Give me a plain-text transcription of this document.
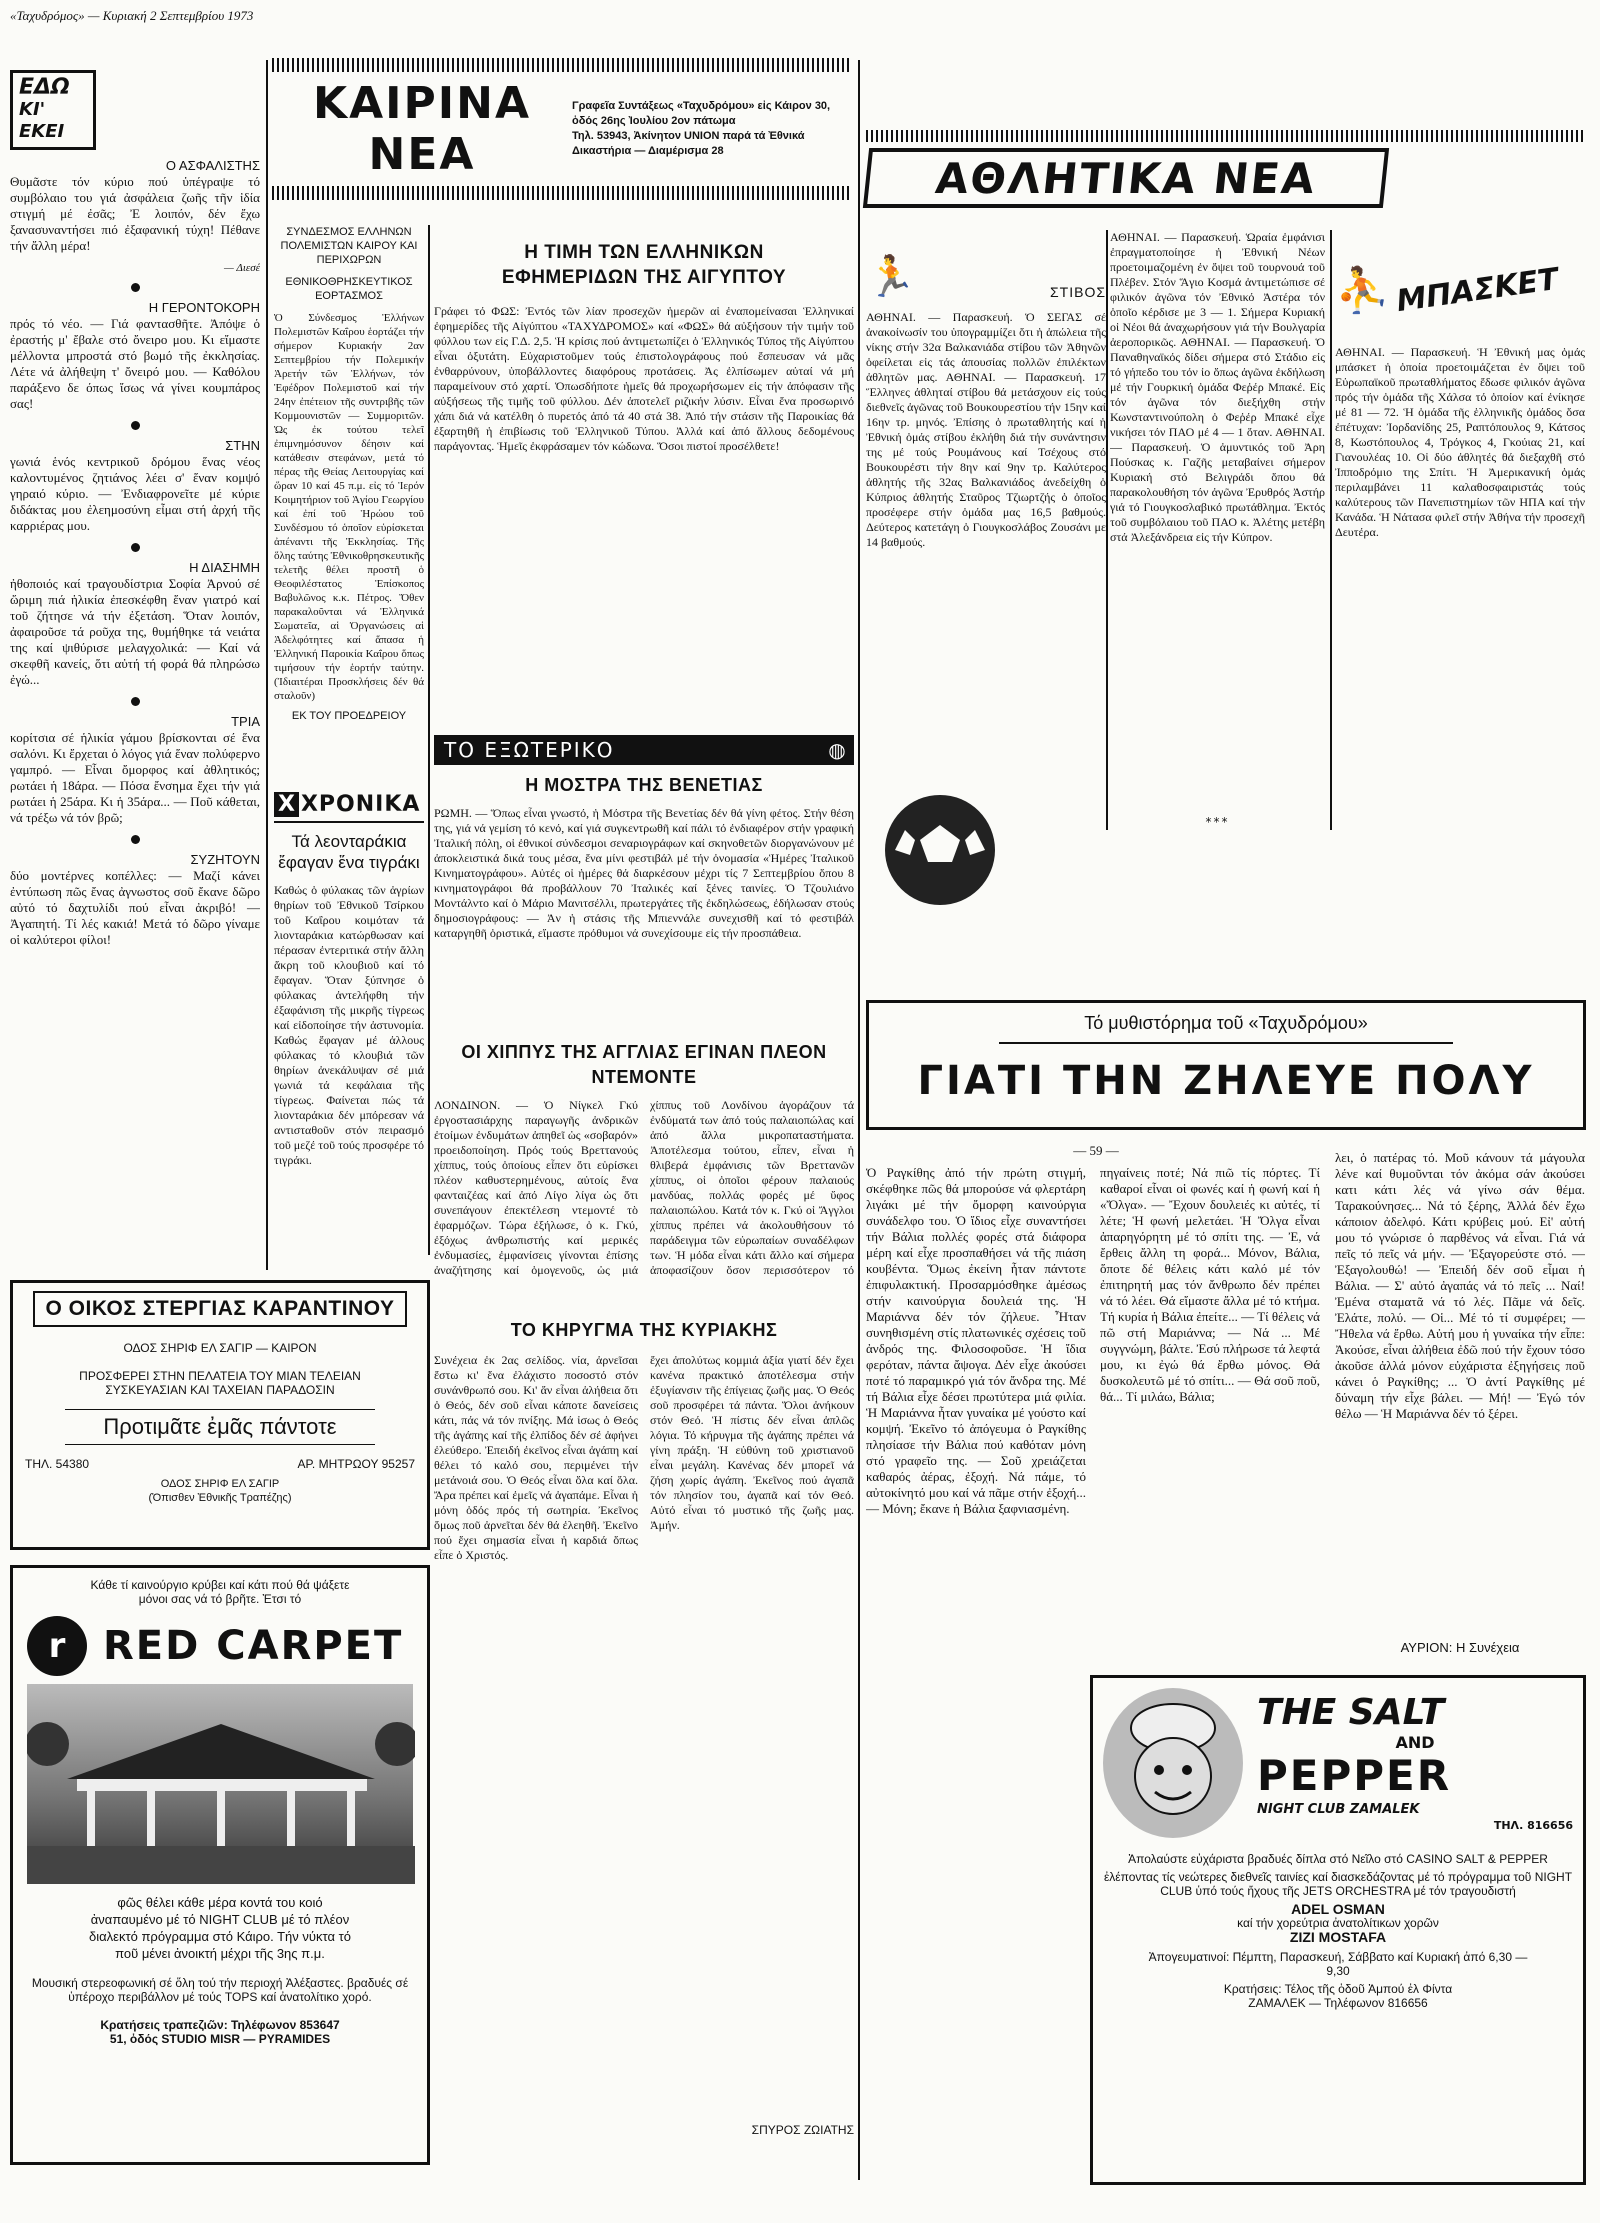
«Ταχυδρόμος» — Κυριακή 2 Σεπτεμβρίου 1973
ΕΔΩ
ΚΙ' ΕΚΕΙ
Ο ΑΣΦΑΛΙΣΤΗΣ

Θυμᾶστε τόν κύριο πού ὑπέγραψε τό συμβόλαιο του γιά ἀσφάλεια ζωῆς τῆν ἰδία στιγμή μέ ἐσᾶς; Ἐ λοιπόν, δέν ἔχω ξανασυναντήσει πιό ἐξαφανική τύχη! Πέθανε τήν ἄλλη μέρα!

— Διεσέ
Η ΓΕΡΟΝΤΟΚΟΡΗ

πρός τό νέο. — Γιά φαντασθῆτε. Ἀπόψε ὁ ἐραστής μ' ἔβαλε στό ὄνειρο μου. Κι εἴμαστε μέλλοντα μπροστά στό βωμό τῆς ἐκκλησίας. Λέτε νά ἀλήθεψη τ' ὄνειρό μου. — Καθόλου παράξενο δε όπως ἴσως νά γίνει κουμπάρος σας!

ΣΤΗΝ

γωνιά ἑνός κεντρικοῦ δρόμου ἕνας νέος καλοντυμένος ζητιάνος λέει σ' ἕναν κομψό γηραιό κύριο. — Ἐνδιαφρονεῖτε μέ κύριε διδάκτας μου ἐλεημοσύνη εἶμαι στή ἀρχή τῆς καρριέρας μου.

Η ΔΙΑΣΗΜΗ

ἠθοποιός καί τραγουδίστρια Σοφία Ἀρνού σέ ὥριμη πιά ἡλικία ἐπεσκέφθη ἕναν γιατρό καί τοῦ ζήτησε νά τήν ἐξετάση. Ὅταν λοιπόν, ἀφαιροῦσε τά ροῦχα της, θυμήθηκε τά νειάτα της καί ψιθύρισε μελαγχολικά: — Καί νά σκεφθῆ κανείς, ὅτι αὐτή τή φορά θά πληρώσω ἐγώ...

ΤΡΙΑ

κορίτσια σέ ἡλικία γάμου βρίσκονται σέ ἕνα σαλόνι. Κι ἔρχεται ὁ λόγος γιά ἕναν πολύφερνο γαμπρό. — Εἶναι ὄμορφος καί ἀθλητικός; ρωτάει ἡ 18άρα. — Πόσα ἔνσημα ἔχει τήν γιά ρωτάει ἡ 25άρα. Κι ἡ 35άρα... — Ποῦ κάθεται, νά τρέξω νά τόν βρῶ;

ΣΥΖΗΤΟΥΝ

δύο μοντέρνες κοπέλλες: — Μαζί κάνει ἐντύπωση πῶς ἔνας ἀγνωστος σοῦ ἔκανε δῶρο αὐτό τό δαχτυλίδι πού εἶναι ἀκριβό! — Ἀγαπητή. Τί λές κακιά! Μετά τό δῶρο γίναμε οἱ καλύτεροι φίλοι!

Ο ΟΙΚΟΣ ΣΤΕΡΓΙΑΣ ΚΑΡΑΝΤΙΝΟΥ
ΟΔΟΣ ΣΗΡΙΦ ΕΛ ΣΑΓΙΡ — ΚΑΙΡΟΝ
ΠΡΟΣΦΕΡΕΙ ΣΤΗΝ ΠΕΛΑΤΕΙΑ ΤΟΥ ΜΙΑΝ ΤΕΛΕΙΑΝ ΣΥΣΚΕΥΑΣΙΑΝ ΚΑΙ ΤΑΧΕΙΑΝ ΠΑΡΑΔΟΣΙΝ
Προτιμᾶτε ἐμᾶς πάντοτε
ΤΗΛ. 54380	ΑΡ. ΜΗΤΡΩΟΥ 95257
ΟΔΟΣ ΣΗΡΙΦ ΕΛ ΣΑΓΙΡ
(Ὀπισθεν Ἐθνικῆς Τραπέζης)
Κάθε τί καινούργιο κρύβει καί κάτι πού θά ψάξετε μόνοι σας νά τό βρῆτε. Ἐτσι τό
r RED CARPET
φῶς θέλει κάθε μέρα κοντά του κοιό ἀναπαυμένο μέ τό NIGHT CLUB μέ τό πλέον διαλεκτό πρόγραμμα στό Κάιρο. Τήν νύκτα τό ποῦ μένει ἀνοικτή μέχρι τῆς 3ης π.μ.
Μουσική στερεοφωνική σέ ὅλη τού τήν περιοχή Ἀλέξαστες. βραδυές σέ ὑπέροχο περιβάλλον μέ τούς TOPS καί ἀνατολίτικο χορό.
Κρατήσεις τραπεζιῶν: Τηλέφωνον 853647
51, ὁδός STUDIO MISR — PYRAMIDES
ΚΑΙΡΙΝΑ ΝΕΑ
Γραφεῖα Συντάξεως «Ταχυδρόμου» εἰς Κάιρον 30, ὁδός 26ης Ἰουλίου 2ον πάτωμα
Τηλ. 53943, Ἀκίνητον UNION παρά τά Ἐθνικά Δικαστήρια — Διαμέρισμα 28
ΣΥΝΔΕΣΜΟΣ ΕΛΛΗΝΩΝ ΠΟΛΕΜΙΣΤΩΝ ΚΑΙΡΟΥ ΚΑΙ ΠΕΡΙΧΩΡΩΝ
ΕΘΝΙΚΟΘΡΗΣΚΕΥΤΙΚΟΣ ΕΟΡΤΑΣΜΟΣ

Ὁ Σύνδεσμος Ἑλλήνων Πολεμιστῶν Καΐρου ἑορτάζει τήν σήμερον Κυριακήν 2αν Σεπτεμβρίου τήν Πολεμικήν Ἀρετήν τῶν Ἑλλήνων, τόν Ἐφέδρον Πολεμιστοῦ καί τήν 24ην ἐπέτειον τῆς συντριβῆς τῶν Κομμουνιστῶν — Συμμοριτῶν. Ὡς ἐκ τούτου τελεῖ ἐπιμνημόσυνον δέησιν καί κατάθεσιν στεφάνων, μετά τό πέρας τῆς Θείας Λειτουργίας καί ὥραν 10 καί 45 π.μ. εἰς τό Ἱερόν Κοιμητήριον τοῦ Ἁγίου Γεωργίου καί ἐπί τοῦ Ἡρώου τοῦ Συνδέσμου τό ὁποῖον εὑρίσκεται ἀπέναντι τῆς Ἐκκλησίας. Τῆς ὅλης ταύτης Ἐθνικοθρησκευτικῆς τελετῆς θέλει προστῆ ὁ Θεοφιλέστατος Ἐπίσκοπος Βαβυλῶνος κ.κ. Πέτρος. Ὅθεν παρακαλοῦνται νά Ἑλληνικά Σωματεῖα, αἱ Ὀργανώσεις αἱ Ἀδελφότητες καί ἅπασα ἡ Ἑλληνική Παροικία Καΐρου ὅπως τιμήσουν τήν ἑορτήν ταύτην. (Ἰδιαιτέραι Προσκλήσεις δέν θά σταλοῦν)

ΕΚ ΤΟΥ ΠΡΟΕΔΡΕΙΟΥ
Η ΤΙΜΗ ΤΩΝ ΕΛΛΗΝΙΚΩΝ ΕΦΗΜΕΡΙΔΩΝ ΤΗΣ ΑΙΓΥΠΤΟΥ

Γράφει τό ΦΩΣ: Ἐντός τῶν λίαν προσεχῶν ἡμερῶν αἱ ἐναπομείνασαι Ἑλληνικαί ἐφημερίδες τῆς Αἰγύπτου «ΤΑΧΥΔΡΟΜΟΣ» καί «ΦΩΣ» θά αὐξήσουν τήν τιμήν τοῦ φύλλου των εἰς Γ.Δ. 2,5. Ἡ κρίσις πού ἀντιμετωπίζει ὁ Ἑλληνικός Τύπος τῆς Αἰγύπτου εἶναι ὀξυτάτη. Εὐχαριστοῦμεν τούς ἐπιστολογράφους πού ἔσπευσαν νά μᾶς ἐνθαρρύνουν, ὑποβάλλοντες διαφόρους προτάσεις. Ἀς ἐλπίσωμεν αὐταί νά μή παραμείνουν στό χαρτί. Ὁπωσδήποτε ἡμεῖς θά προχωρήσωμεν εἰς τήν ἀπόφασιν τῆς αὐξήσεως τῆς τιμῆς τοῦ φύλλου. Δέν ἀποτελεῖ ριζικήν λύσιν. Εἶναι ἕνα προσωρινό χάπι διά νά κατέλθη ὁ πυρετός ἀπό τά 40 στά 38. Ἀπό τήν στάσιν τῆς Παροικίας θά ἐξαρτηθῆ ἡ ἐπιβίωσις τοῦ Ἑλληνικοῦ Τύπου. Ἀλλά καί ἀπό ἄλλους δεδομένους παράγοντας. Ἡμεῖς ἐκφράσαμεν τόν κώδωνα. Ὅσοι πιστοί προσέλθετε!

ΤΟ ΕΞΩΤΕΡΙΚΟ	◍
Η ΜΟΣΤΡΑ ΤΗΣ ΒΕΝΕΤΙΑΣ

ΡΩΜΗ. — Ὅπως εἶναι γνωστό, ἡ Μόστρα τῆς Βενετίας δέν θά γίνη φέτος. Στήν θέση της, γιά νά γεμίση τό κενό, καί γιά συγκεντρωθῆ καί πάλι τό ἐνδιαφέρον στήν γραφική Ἰταλική πόλη, οἱ ἐθνικοί σύνδεσμοι σεναριογράφων καί σκηνοθετῶν διοργανώνουν μέ ἀποκλειστικά δικά τους μέσα, ἕνα μίνι φεστιβάλ μέ τήν ὀνομασία «Ἡμέρες Ἰταλικοῦ Κινηματογράφου». Αὐτές οἱ ἡμέρες θά διαρκέσουν μέχρι τίς 7 Σεπτεμβρίου ὅπου 8 κινηματογράφοι θά προβάλλουν 70 Ἰταλικές καί ξένες ταινίες. Ὁ Τζουλιάνο Μοντάλντο καί ὁ Μάριο Μανιτσέλλι, πρωτεργάτες τῆς ἐκδηλώσεως, ἐδήλωσαν στούς δημοσιογράφους: — Ἀν ἡ στάσις τῆς Μπιεννάλε συνεχισθῆ καί τό φεστιβάλ καταργηθῆ ὁριστικά, εἴμαστε πρόθυμοι νά συνεχίσουμε εἰς τήν προσπάθεια.

Χ ΧΡΟΝΙΚΑ
Τά λεονταράκια ἔφαγαν ἕνα τιγράκι

Καθώς ὁ φύλακας τῶν ἀγρίων θηρίων τοῦ Ἐθνικοῦ Τσίρκου τοῦ Καΐρου κοιμόταν τά λιονταράκια κατώρθωσαν καί πέρασαν ἐντεριτικά στήν ἄλλη ἄκρη τοῦ κλουβιοῦ καί τό ἔφαγαν. Ὅταν ξύπνησε ὁ φύλακας ἀντελήφθη τήν ἐξαφάνιση τῆς μικρῆς τίγρεως καί εἰδοποίησε τήν ἀστυνομία. Καθώς ἔφαγαν μέ ἀλλους φύλακας τό κλουβιά τῶν θηρίων ἀνεκάλυψαν σέ μιά γωνιά τά κεφάλαια τῆς τίγρεως. Φαίνεται πώς τά λιονταράκια δέν μπόρεσαν νά αντισταθοῦν στόν πειρασμό τοῦ μεζέ τοῦ τούς προσφέρε τό τιγράκι.

ΟΙ ΧΙΠΠΥΣ ΤΗΣ ΑΓΓΛΙΑΣ ΕΓΙΝΑΝ ΠΛΕΟΝ ΝΤΕΜΟΝΤΕ

ΛΟΝΔΙΝΟΝ. — Ὁ Νίγκελ Γκύ ἐργοστασιάρχης παραγωγῆς ἀνδρικῶν ἐτοίμων ἐνδυμάτων ἀπηθεῖ ὡς «σοβαρόν» προειδοποίηση. Πρός τούς Βρεττανούς χίππυς, τούς ὁποίους εἶπεν ὅτι εὑρίσκει πλέον καθυστερημένους, αὐτοίς ἔνα φανταιζέας καί ἀπό Λίγο λίγα ὡς ὅτι συνεπάγουν ἐπεκτέλεση ντεμοντέ τὸ ἐφαρμόζων. Τώρα ἐξήλωσε, ὁ κ. Γκύ, ἐξόχως ἀνθρωπιστής καί μερικές ἐνδυμασίες, ἐμφανίσεις γίνονται ἐπίσης ἀναζήτησης καί ὁμογενοῦς, ὡς μιά

χίππυς τοῦ Λονδίνου ἀγοράζουν τά ἐνδύματά των ἀπό τούς παλαιοπώλας καί ἀπό ἄλλα μικροπαταστήματα. Ἀποτέλεσμα τούτου, εἶπεν, εἶναι ἡ θλιβερά ἐμφάνισις τῶν Βρεττανῶν χίππυς, οἱ ὁποῖοι φέρουν παλαιούς μανδύας, πολλάς φορές μέ ὕφος παλαιοπώλου. Κατά τόν κ. Γκύ οἱ Ἄγγλοι χίππυς πρέπει νά ἀκολουθήσουν τό παράδειγμα τῶν εὐρωπαίων συναδέλφων των. Ἡ μόδα εἶναι κάτι ἄλλο καί σήμερα ἀποφασίζουν ὅσον περισσότερον τό

ΤΟ ΚΗΡΥΓΜΑ ΤΗΣ ΚΥΡΙΑΚΗΣ

Συνέχεια ἐκ 2ας σελίδος. νία, ἀρνεῖσαι ἔστω κι' ἕνα ἐλάχιστο ποσοστό στόν συνάνθρωπό σου. Κι' ἄν εἶναι ἀλήθεια ὅτι ὁ Θεός, δέν σοῦ εἶναι κάποτε δανείσεις κάτι, πάς νά τόν πνίξης. Μά ἰσως ὁ Θεός τῆς ἀγάπης καί τῆς ἐλπίδος δέν σέ ἀφήνει ἐλεύθερο. Ἐπειδή ἐκεῖνος εἶναι ἀγάπη καί θέλει τό καλό σου, περιμένει τήν μετάνοιά σου. Ὁ Θεός εἶναι ὅλα καί ὅλα. Ἄρα πρέπει καί ἐμεῖς νά ἀγαπάμε. Εἶναι ἡ μόνη ὁδός πρός τή σωτηρία. Ἐκεῖνος ὅμως ποῦ ἀρνεῖται δέν θά ἐλεηθῆ. Ἐκεῖνο πού ἔχει σημασία εἶναι ἡ καρδιά ὅπως εἶπε ὁ Χριστός.

ἔχει ἀπολύτως κομμιά ἀξία γιατί δέν ἔχει κανένα πρακτικό ἀποτέλεσμα στήν ἐξυγίανσιν τῆς ἐπίγειας ζωῆς μας. Ὁ Θεός σοῦ προσφέρει τά πάντα. Ὅλοι ἀνήκουν στόν Θεό. Ἡ πίστις δέν εἶναι ἀπλῶς λόγια. Τό κήρυγμα τῆς ἀγάπης πρέπει νά γίνη πράξη. Ἡ εὐθύνη τοῦ χριστιανοῦ εἶναι μεγάλη. Κανένας δέν μπορεῖ νά ζήση χωρίς ἀγάπη. Ἐκεῖνος πού ἀγαπᾶ τόν πλησίον του, ἀγαπᾶ καί τόν Θεό. Αὐτό εἶναι τό μυστικό τῆς ζωῆς μας. Ἀμήν.

ΣΠΥΡΟΣ ΖΩΙΑΤΗΣ
ΑΘΛΗΤΙΚΑ ΝΕΑ
🏃	ΣΤΙΒΟΣ
ΑΘΗΝΑΙ. — Παρασκευή. Ὁ ΣΕΓΑΣ σέ ἀνακοίνωσίν του ὑπογραμμίζει ὅτι ἡ ἀπώλεια τῆς νίκης στήν 32α Βαλκανιάδα στίβου τῶν Ἀθηνῶν ὀφείλεται εἰς τάς ἀπουσίας πολλῶν ἐπιλέκτων ἀθλητῶν μας. ΑΘΗΝΑΙ. — Παρασκευή. 17 Ἕλληνες ἀθληταί στίβου θά μετάσχουν εἰς τούς διεθνεῖς ἀγῶνας τοῦ Βουκουρεστίου τήν 15ην καί 16ην τρ. μηνός. Ἐπίσης ὁ πρωταθλητής καί ἡ Ἐθνική ὁμάς στίβου ἐκλήθη διά τήν συνάντησιν της μέ τούς Ρουμάνους καί Τσέχους στό Βουκουρέστι τήν 8ην καί 9ην τρ. Καλύτερος ἀθλητής τῆς 32ας Βαλκανιάδος ἀνεδείχθη ὁ Κύπριος ἀθλητής Σταῦρος Τζιωρτζής ὁ ὁποῖος προσέφερε στήν ὁμάδα μας 16,5 βαθμούς. Δεύτερος κατετάγη ὁ Γιουγκοσλάβος Ζουσάνι με 14 βαθμούς.
ΑΘΗΝΑΙ. — Παρασκευή. Ὡραία ἐμφάνισι ἐπραγματοποίησε ἡ Ἐθνική Νέων προετοιμαζομένη ἐν ὄψει τοῦ τουρνουά τοῦ Πλέβεν. Στόν Ἅγιο Κοσμά ἀντιμετώπισε σέ φιλικόν ἀγῶνα τόν Ἐθνικό Ἀστέρα τόν ὁποῖο κέρδισε με 3 — 1. Σήμερα Κυριακή οἱ Νέοι θά ἀναχωρήσουν γιά τήν Βουλγαρία ἀεροπορικῶς. ΑΘΗΝΑΙ. — Παρασκευή. Ὁ Παναθηναϊκός δίδει σήμερα στό Στάδιο εἰς τό γήπεδο του τόν ἰο ὅπως ἀγῶνα ἐκδήλωση μέ τήν Γουρκική ὁμάδα Φεῤέρ Μπακέ. Εἰς τόν ἀγῶνα τόν διεξήχθη στήν Κωνσταντινούπολη ὁ Φεῤέρ Μπακέ εἶχε νικήσει τόν ΠΑΟ μέ 4 — 1 ὅταν. ΑΘΗΝΑΙ. — Παρασκευή. Ὁ ἀμυντικός τοῦ Ἀρη Πούσκας κ. Γαζῆς μεταβαίνει σήμερον Κυριακή στό Βελιγράδι ὅπου θά παρακολουθήση τόν ἀγῶνα Ἐρυθρός Ἀστήρ γιά τό Γιουγκοσλαβικό πρωτάθλημα. Ἐκτός τοῦ συμβόλαιου τοῦ ΠΑΟ κ. Ἀλέτης μετέβη στά Ἀλεξάνδρεια εἰς τήν Κύπρον.
***
⛹ ΜΠΑΣΚΕΤ
ΑΘΗΝΑΙ. — Παρασκευή. Ἡ Ἐθνική μας ὁμάς μπάσκετ ἡ ὁποία προετοιμάζεται ἐν ὄψει τοῦ Εὐρωπαϊκοῦ πρωταθλήματος ἔδωσε φιλικόν ἀγῶνα πρός τήν ὁμάδα τῆς Χάλσα τό ὁποίον καί ἐνίκησε μέ 81 — 72. Ἡ ὁμάδα τῆς ἑλληνικῆς ὁμάδος ὅσα ἐπέτυχαν: Ἰορδανίδης 25, Ραπτόπουλος 9, Κάτσος 8, Κωστόπουλος 4, Τρόγκος 4, Γκούιας 21, καί Γιανουλέας 10. Οἱ δύο ἀθλητές θά διεξαχθῆ στό Ἰπποδρόμιο της Σπίτι. Ἡ Ἀμερικανική ὁμάς περιλαμβάνει 11 καλαθοσφαιριστάς τούς καλύτερους τῶν Πανεπιστημίων τῶν ΗΠΑ καί τήν Κανάδα. Ἡ Νάτασα φιλεῖ στήν Ἀθήνα τήν προσεχῆ Δευτέρα.
Τό μυθιστόρημα τοῦ «Ταχυδρόμου»
ΓΙΑΤΙ ΤΗΝ ΖΗΛΕΥΕ ΠΟΛΥ
— 59 —
Ὁ Ραγκίθης ἀπό τήν πρώτη στιγμή, σκέφθηκε πῶς θά μπορούσε νά φλερτάρη λιγάκι μέ τήν ὄμορφη καινούργια συνάδελφο του. Ὁ ἴδιος εἶχε συναντήσει τήν Βάλια πολλές φορές στά διάφορα μέρη καί εἶχε προσπαθήσει νά τῆς πιάση κουβέντα. Ὅμως ἐκείνη ἦταν πάντοτε ἐπιφυλακτική. Προσαρμόσθηκε ἀμέσως στήν καινούργια δουλειά της. Ἡ Μαριάννα δέν τόν ζήλευε. Ἦταν συνηθισμένη στίς πλατωνικές σχέσεις τοῦ ἀνδρός της. Φιλοσοφοῦσε. Ἡ ἴδια φερόταν, πάντα ἄψογα. Δέν εἶχε ἀκούσει ποτέ τό παραμικρό γιά τόν ἄνδρα της. Μέ τή Βάλια εἶχε δέσει πρωτύτερα μιά φιλία. Ἡ Μαριάννα ἦταν γυναίκα μέ γούστο καί κομψή. Ἐκεῖνο τό ἀπόγευμα ὁ Ραγκίθης πλησίασε τήν Βάλια πού καθόταν μόνη στό γραφεῖο της. — Σοῦ χρειάζεται καθαρός ἀέρας, ἐξοχή. Νά πάμε, τό αὐτοκίνητό μου καί νά πᾶμε στήν ἐξοχή... — Μόνη; ἔκανε ἡ Βάλια ξαφνιασμένη.
πηγαίνεις ποτέ; Νά πιῶ τίς πόρτες. Τί καθαροί εἶναι οἱ φωνές καί ἡ φωνή καί ἡ «Ὄλγα». — Ἔχουν δουλειές κι αὐτές, τί λέτε; Ἡ φωνή μελετάει. Ἡ Ὄλγα εἶναι ἀπαρηγόρητη μέ τό σπίτι της. — Ἐ, νά ἔρθεις ἄλλη τη φορά... Μόνον, Βάλια, ὅποτε δέ θέλεις κάτι καλό μέ τόν ἐπιτηρητή μας τόν ἄνθρωπο δέν πρέπει νά τό λέει. Θά εἴμαστε ἄλλα μέ τό κτήμα. Τή κυρία ἡ Βάλια ἐπείτε... — Τί θέλεις νά πῶ στή Μαριάννα; — Νά ... Μέ συγγνώμη, βάλτε. Ἐσύ πλήρωσε τά λεφτά μου, κι ἐγώ θά ἔρθω μόνος. Θά δυσκολευτῶ μέ τό σπίτι... — Θά σοῦ ποῦ, θά... Τί μιλάω, Βάλια;
λει, ὁ πατέρας τό. Μοῦ κάνουν τά μάγουλα λένε καί θυμοῦνται τόν ἀκόμα σάν ἀκούσει κατι κάτι λές νά γίνω σάν θέμα. Ταρακούνησες... Νά τό ξέρης, Ἀλλά δέν ἔχω κάποιον ἀδελφό. Κάτι κρύβεις μού. Εἰ' αὐτή μου τό γνώρισε ὁ παρθένος νά εἶναι. Γιά νά πεῖς τό πεῖς νά μήν. — Ἐξαγορεύστε στό. — Ἐξαγολουθώ! — Ἐπειδή δέν σοῦ εἶμαι ἡ Βάλια. — Σ' αὐτό ἀγαπάς νά τό πεῖς ... Ναί! Ἐμένα σταματᾶ νά τό λές. Πᾶμε νά δεῖς. Ἐλάτε, πολύ. — Οἱ... Μέ τό τί συμφέρει; — Ἤθελα νά ἔρθω. Αὐτή μου ἡ γυναίκα τήν εἶπε: Ἀκούσε, εἶναι ἀλήθεια ἐδῶ πού τήν ἔχουν τόσο ἀκοῦσε ἀλλά μόνον εὐχάριστα ἐξηγήσεις ποῦ κάνει ὁ Ραγκίθης; ... Ὁ ἀντί Ραγκίθης μέ δύναμη τήν εἶχε βάλει. — Μή! — Ἐγώ τόν θέλω — Ἡ Μαριάννα δέν τό ξέρει.
ΑΥΡΙΟΝ: Η Συνέχεια
THE SALT
AND
PEPPER
NIGHT CLUB ZAMALEK
ΤΗΛ. 816656
Ἀπολαύστε εὐχάριστα βραδυές δίπλα στό Νεῖλο στό CASINO SALT & PEPPER
ἐλέποντας τίς νεώτερες διεθνεῖς ταινίες καί διασκεδάζοντας μέ τό πρόγραμμα τοῦ NIGHT CLUB ὑπό τούς ἤχους τῆς JETS ORCHESTRA μέ τόν τραγουδιστή
ADEL OSMAN
καί τήν χορεύτρια ἀνατολίτικων χορῶν
ZIZI MOSTAFA
Ἀπογευματινοί: Πέμπτη, Παρασκευή, Σάββατο καί Κυριακή ἀπό 6,30 — 9,30
Κρατήσεις: Τέλος τῆς ὁδοῦ Ἀμπού ἐλ Φίντα
ΖΑΜΑΛΕΚ — Τηλέφωνον 816656
